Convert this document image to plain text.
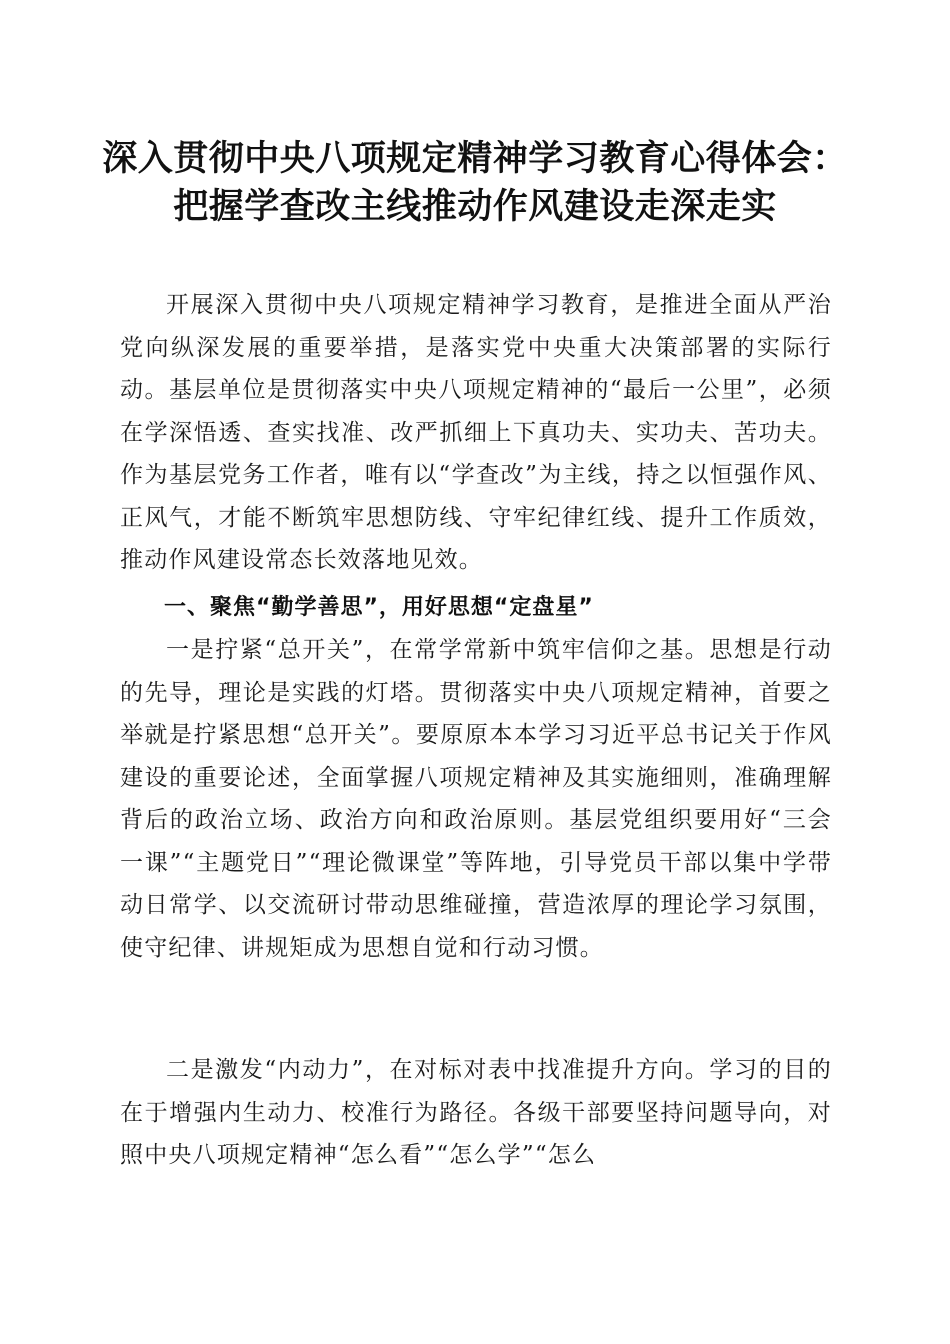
深入贯彻中央八项规定精神学习教育心得体会：
把握学查改主线推动作风建设走深走实

开展深入贯彻中央八项规定精神学习教育，是推进全面从严治党向纵深发展的重要举措，是落实党中央重大决策部署的实际行动。基层单位是贯彻落实中央八项规定精神的“最后一公里”，必须在学深悟透、查实找准、改严抓细上下真功夫、实功夫、苦功夫。作为基层党务工作者，唯有以“学查改”为主线，持之以恒强作风、正风气，才能不断筑牢思想防线、守牢纪律红线、提升工作质效，推动作风建设常态长效落地见效。

一、聚焦“勤学善思”，用好思想“定盘星”

一是拧紧“总开关”，在常学常新中筑牢信仰之基。思想是行动的先导，理论是实践的灯塔。贯彻落实中央八项规定精神，首要之举就是拧紧思想“总开关”。要原原本本学习习近平总书记关于作风建设的重要论述，全面掌握八项规定精神及其实施细则，准确理解背后的政治立场、政治方向和政治原则。基层党组织要用好“三会一课”“主题党日”“理论微课堂”等阵地，引导党员干部以集中学带动日常学、以交流研讨带动思维碰撞，营造浓厚的理论学习氛围，使守纪律、讲规矩成为思想自觉和行动习惯。

二是激发“内动力”，在对标对表中找准提升方向。学习的目的在于增强内生动力、校准行为路径。各级干部要坚持问题导向，对照中央八项规定精神“怎么看”“怎么学”“怎么
